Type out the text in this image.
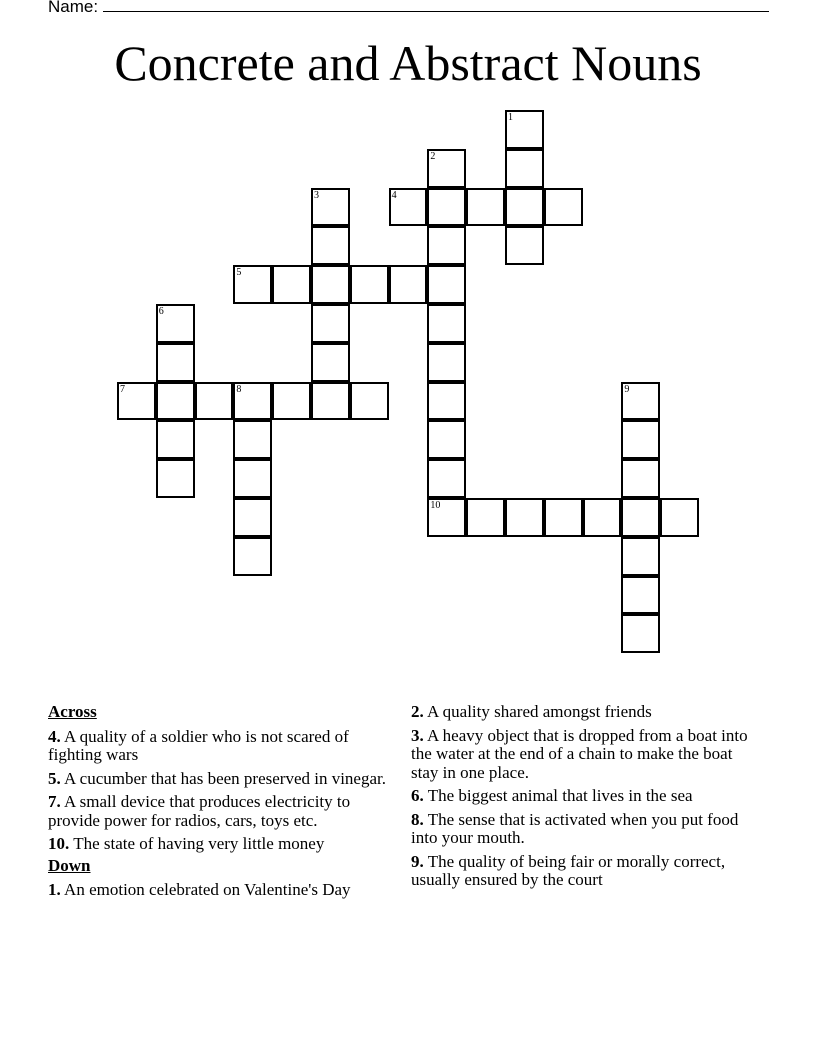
Name:
Concrete and Abstract Nouns
1
2
3	4
5
6
7	8	9
10
Across
4. A quality of a soldier who is not scared of fighting wars
5. A cucumber that has been preserved in vinegar.
7. A small device that produces electricity to provide power for radios, cars, toys etc.
10. The state of having very little money
Down
1. An emotion celebrated on Valentine's Day
2. A quality shared amongst friends
3. A heavy object that is dropped from a boat into the water at the end of a chain to make the boat stay in one place.
6. The biggest animal that lives in the sea
8. The sense that is activated when you put food into your mouth.
9. The quality of being fair or morally correct, usually ensured by the court
